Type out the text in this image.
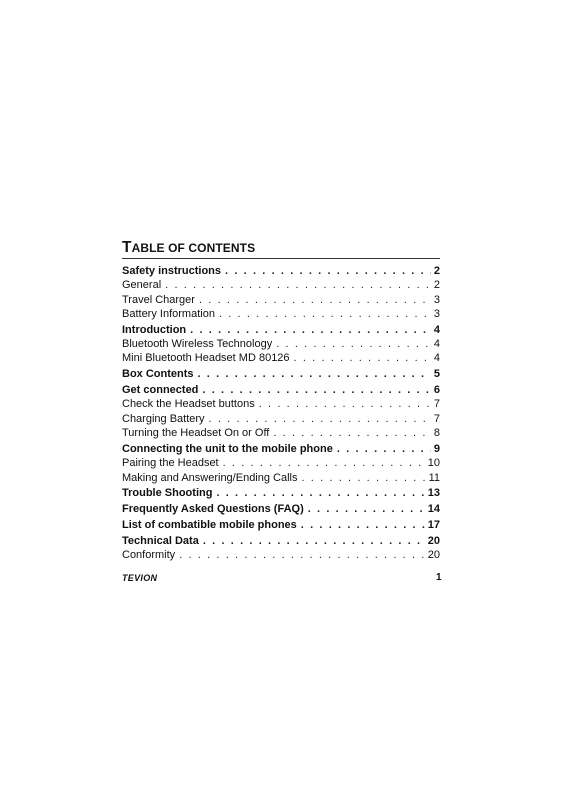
TABLE OF CONTENTS
Safety instructions . . .	2
General . . .	2
Travel Charger . . .	3
Battery Information . . .	3
Introduction . . .	4
Bluetooth Wireless Technology . . .	4
Mini Bluetooth Headset MD 80126 . . .	4
Box Contents . . .	5
Get connected . . .	6
Check the Headset buttons . . .	7
Charging Battery . . .	7
Turning the Headset On or Off . . .	8
Connecting the unit to the mobile phone . . .	9
Pairing the Headset . . .	10
Making and Answering/Ending Calls . . .	11
Trouble Shooting . . .	13
Frequently Asked Questions (FAQ) . . .	14
List of combatible mobile phones . . .	17
Technical Data . . .	20
Conformity . . .	20
TEVION	1
